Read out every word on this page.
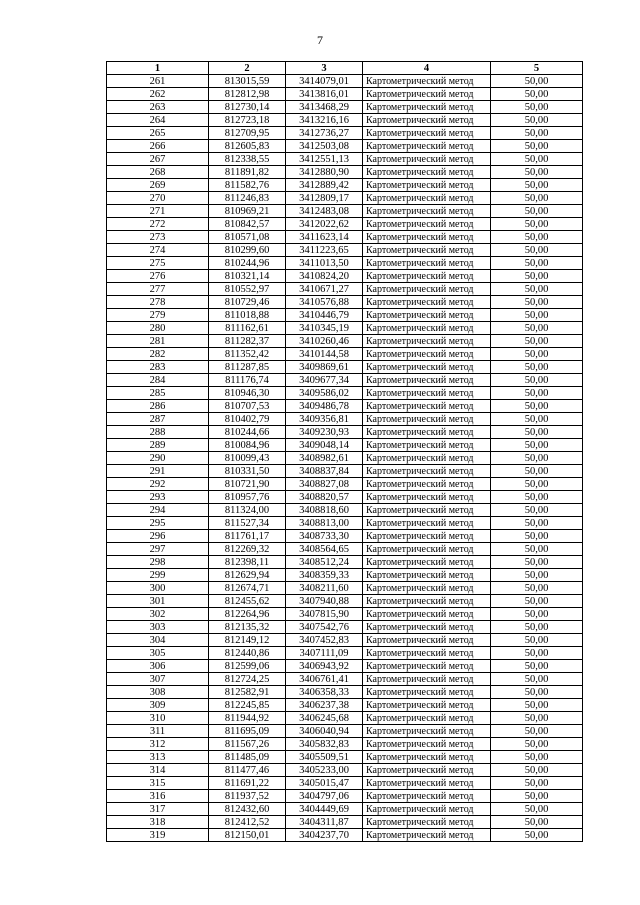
7
1	2	3	4	5
261	813015,59	3414079,01	Картометрический метод	50,00
262	812812,98	3413816,01	Картометрический метод	50,00
263	812730,14	3413468,29	Картометрический метод	50,00
264	812723,18	3413216,16	Картометрический метод	50,00
265	812709,95	3412736,27	Картометрический метод	50,00
266	812605,83	3412503,08	Картометрический метод	50,00
267	812338,55	3412551,13	Картометрический метод	50,00
268	811891,82	3412880,90	Картометрический метод	50,00
269	811582,76	3412889,42	Картометрический метод	50,00
270	811246,83	3412809,17	Картометрический метод	50,00
271	810969,21	3412483,08	Картометрический метод	50,00
272	810842,57	3412022,62	Картометрический метод	50,00
273	810571,08	3411623,14	Картометрический метод	50,00
274	810299,60	3411223,65	Картометрический метод	50,00
275	810244,96	3411013,50	Картометрический метод	50,00
276	810321,14	3410824,20	Картометрический метод	50,00
277	810552,97	3410671,27	Картометрический метод	50,00
278	810729,46	3410576,88	Картометрический метод	50,00
279	811018,88	3410446,79	Картометрический метод	50,00
280	811162,61	3410345,19	Картометрический метод	50,00
281	811282,37	3410260,46	Картометрический метод	50,00
282	811352,42	3410144,58	Картометрический метод	50,00
283	811287,85	3409869,61	Картометрический метод	50,00
284	811176,74	3409677,34	Картометрический метод	50,00
285	810946,30	3409586,02	Картометрический метод	50,00
286	810707,53	3409486,78	Картометрический метод	50,00
287	810402,79	3409356,81	Картометрический метод	50,00
288	810244,66	3409230,93	Картометрический метод	50,00
289	810084,96	3409048,14	Картометрический метод	50,00
290	810099,43	3408982,61	Картометрический метод	50,00
291	810331,50	3408837,84	Картометрический метод	50,00
292	810721,90	3408827,08	Картометрический метод	50,00
293	810957,76	3408820,57	Картометрический метод	50,00
294	811324,00	3408818,60	Картометрический метод	50,00
295	811527,34	3408813,00	Картометрический метод	50,00
296	811761,17	3408733,30	Картометрический метод	50,00
297	812269,32	3408564,65	Картометрический метод	50,00
298	812398,11	3408512,24	Картометрический метод	50,00
299	812629,94	3408359,33	Картометрический метод	50,00
300	812674,71	3408211,60	Картометрический метод	50,00
301	812455,62	3407940,88	Картометрический метод	50,00
302	812264,96	3407815,90	Картометрический метод	50,00
303	812135,32	3407542,76	Картометрический метод	50,00
304	812149,12	3407452,83	Картометрический метод	50,00
305	812440,86	3407111,09	Картометрический метод	50,00
306	812599,06	3406943,92	Картометрический метод	50,00
307	812724,25	3406761,41	Картометрический метод	50,00
308	812582,91	3406358,33	Картометрический метод	50,00
309	812245,85	3406237,38	Картометрический метод	50,00
310	811944,92	3406245,68	Картометрический метод	50,00
311	811695,09	3406040,94	Картометрический метод	50,00
312	811567,26	3405832,83	Картометрический метод	50,00
313	811485,09	3405509,51	Картометрический метод	50,00
314	811477,46	3405233,00	Картометрический метод	50,00
315	811691,22	3405015,47	Картометрический метод	50,00
316	811937,52	3404797,06	Картометрический метод	50,00
317	812432,60	3404449,69	Картометрический метод	50,00
318	812412,52	3404311,87	Картометрический метод	50,00
319	812150,01	3404237,70	Картометрический метод	50,00
